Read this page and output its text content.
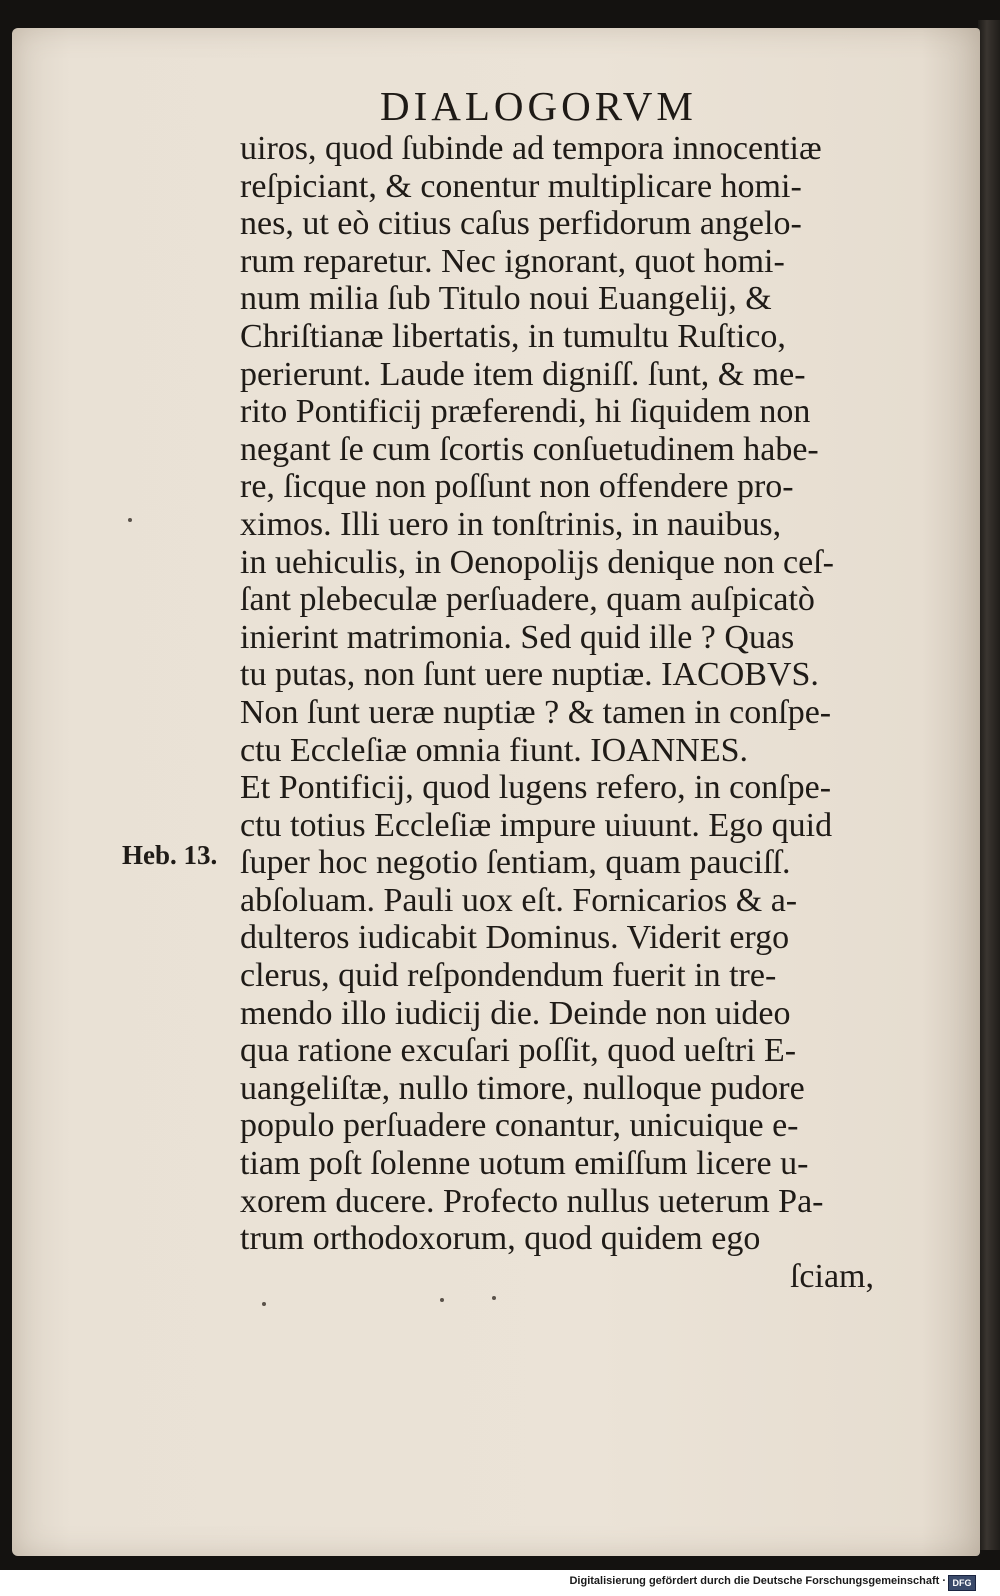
DIALOGORVM
Heb. 13.
uiros, quod ſubinde ad tempora innocentiæ
reſpiciant, & conentur multiplicare homi-
nes, ut eò citius caſus perfidorum angelo-
rum reparetur. Nec ignorant, quot homi-
num milia ſub Titulo noui Euangelij, &
Chriſtianæ libertatis, in tumultu Ruſtico,
perierunt. Laude item digniſſ. ſunt, & me-
rito Pontificij præferendi, hi ſiquidem non
negant ſe cum ſcortis conſuetudinem habe-
re, ſicque non poſſunt non offendere pro-
ximos. Illi uero in tonſtrinis, in nauibus,
in uehiculis, in Oenopolijs denique non ceſ-
ſant plebeculæ perſuadere, quam auſpicatò
inierint matrimonia. Sed quid ille ? Quas
tu putas, non ſunt uere nuptiæ. IACOBVS.
Non ſunt ueræ nuptiæ ? & tamen in conſpe-
ctu Eccleſiæ omnia fiunt. IOANNES.
Et Pontificij, quod lugens refero, in conſpe-
ctu totius Eccleſiæ impure uiuunt. Ego quid
ſuper hoc negotio ſentiam, quam pauciſſ.
abſoluam. Pauli uox eſt. Fornicarios & a-
dulteros iudicabit Dominus. Viderit ergo
clerus, quid reſpondendum fuerit in tre-
mendo illo iudicij die. Deinde non uideo
qua ratione excuſari poſſit, quod ueſtri E-
uangeliſtæ, nullo timore, nulloque pudore
populo perſuadere conantur, unicuique e-
tiam poſt ſolenne uotum emiſſum licere u-
xorem ducere. Profecto nullus ueterum Pa-
trum orthodoxorum, quod quidem ego
ſciam,
Digitalisierung gefördert durch die Deutsche Forschungsgemeinschaft · DFG
